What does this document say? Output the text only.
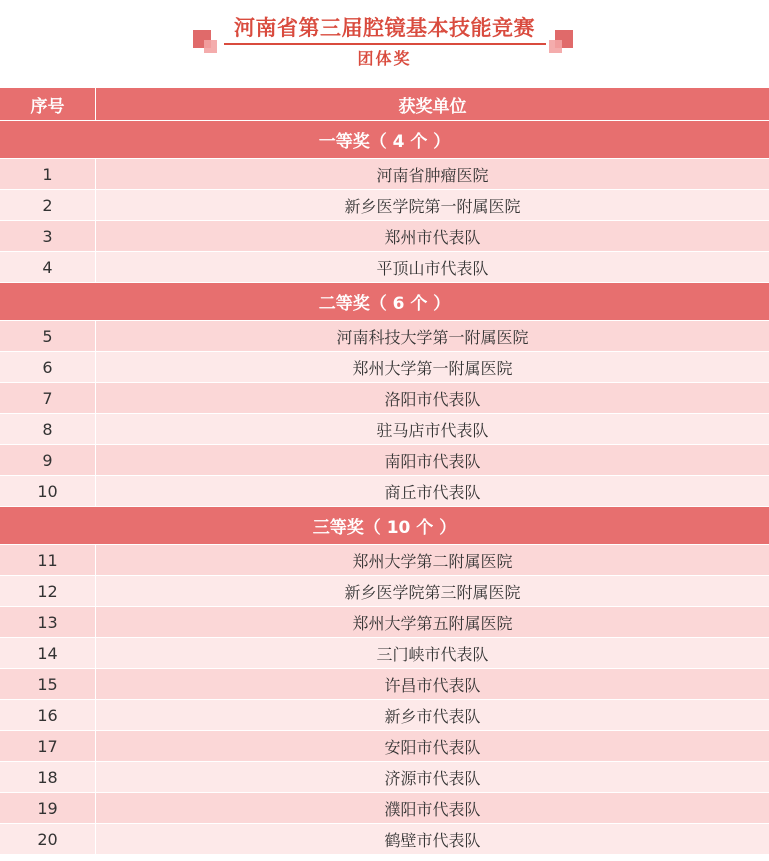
河南省第三届腔镜基本技能竞赛
团体奖
序号	获奖单位
一等奖（ 4 个 ）
1	河南省肿瘤医院
2	新乡医学院第一附属医院
3	郑州市代表队
4	平顶山市代表队
二等奖（ 6 个 ）
5	河南科技大学第一附属医院
6	郑州大学第一附属医院
7	洛阳市代表队
8	驻马店市代表队
9	南阳市代表队
10	商丘市代表队
三等奖（ 10 个 ）
11	郑州大学第二附属医院
12	新乡医学院第三附属医院
13	郑州大学第五附属医院
14	三门峡市代表队
15	许昌市代表队
16	新乡市代表队
17	安阳市代表队
18	济源市代表队
19	濮阳市代表队
20	鹤壁市代表队
